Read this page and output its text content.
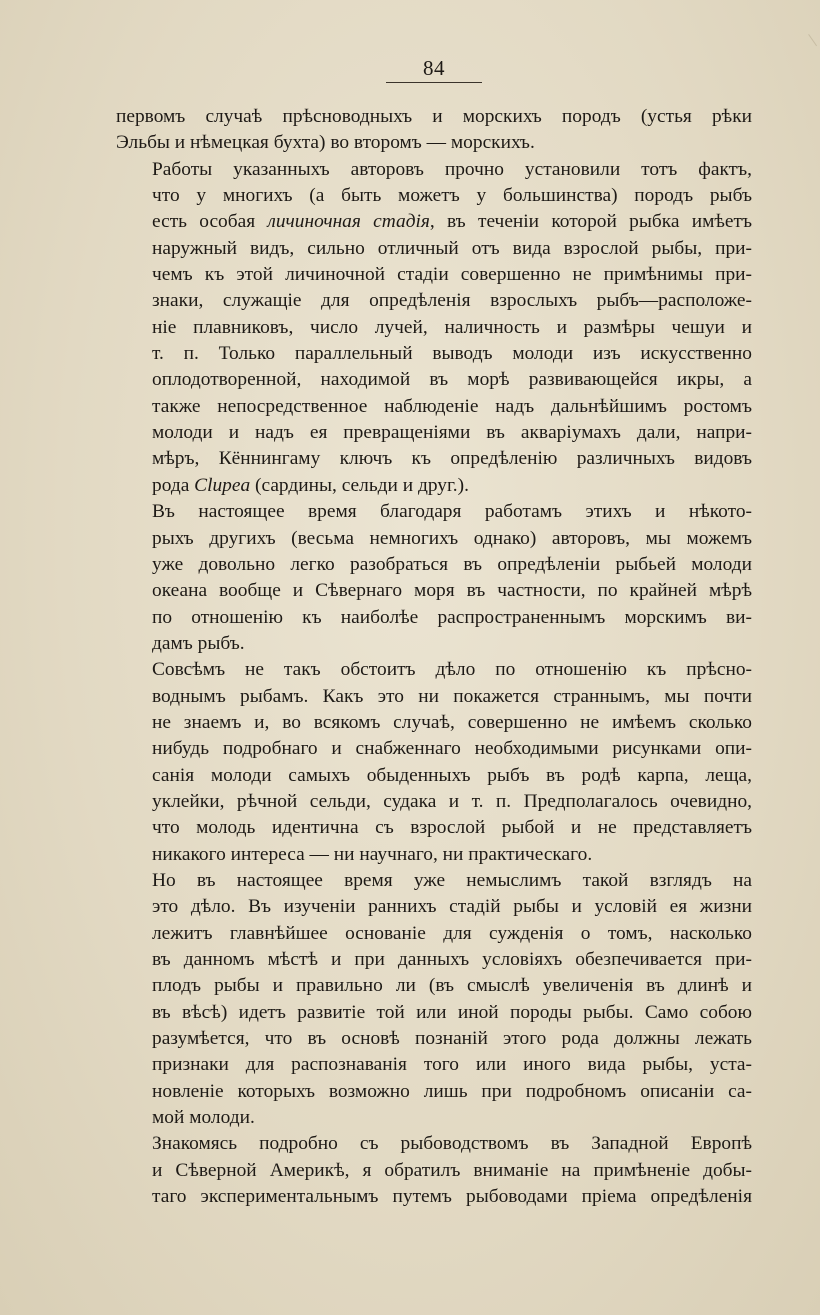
84
первомъ случаѣ прѣсноводныхъ и морскихъ породъ (устья рѣки
Эльбы и нѣмецкая бухта) во второмъ — морскихъ.
Работы указанныхъ авторовъ прочно установили тотъ фактъ,
что у многихъ (а быть можетъ у большинства) породъ рыбъ
есть особая личиночная стадія, въ теченіи которой рыбка имѣетъ
наружный видъ, сильно отличный отъ вида взрослой рыбы, при-
чемъ къ этой личиночной стадіи совершенно не примѣнимы при-
знаки, служащіе для опредѣленія взрослыхъ рыбъ—расположе-
ніе плавниковъ, число лучей, наличность и размѣры чешуи и
т. п. Только параллельный выводъ молоди изъ искусственно
оплодотворенной, находимой въ морѣ развивающейся икры, а
также непосредственное наблюденіе надъ дальнѣйшимъ ростомъ
молоди и надъ ея превращеніями въ аквaріумахъ дали, напри-
мѣръ, Кённингаму ключъ къ опредѣленію различныхъ видовъ
рода Clupea (сардины, сельди и друг.).
Въ настоящее время благодаря работамъ этихъ и нѣкото-
рыхъ другихъ (весьма немногихъ однако) авторовъ, мы можемъ
уже довольно легко разобраться въ опредѣленіи рыбьей молоди
океана вообще и Сѣвернаго моря въ частности, по крайней мѣрѣ
по отношенію къ наиболѣе распространеннымъ морскимъ ви-
дамъ рыбъ.
Совсѣмъ не такъ обстоитъ дѣло по отношенію къ прѣсно-
воднымъ рыбамъ. Какъ это ни покажется страннымъ, мы почти
не знаемъ и, во всякомъ случаѣ, совершенно не имѣемъ сколько
нибудь подробнаго и снабженнаго необходимыми рисунками опи-
санія молоди самыхъ обыденныхъ рыбъ въ родѣ карпа, леща,
уклейки, рѣчной сельди, судака и т. п. Предполагалось очевидно,
что молодь идентична съ взрослой рыбой и не представляетъ
никакого интереса — ни научнаго, ни практическаго.
Но въ настоящее время уже немыслимъ такой взглядъ на
это дѣло. Въ изученіи раннихъ стадій рыбы и условій ея жизни
лежитъ главнѣйшее основаніе для сужденія о томъ, насколько
въ данномъ мѣстѣ и при данныхъ условіяхъ обезпечивается при-
плодъ рыбы и правильно ли (въ смыслѣ увеличенія въ длинѣ и
въ вѣсѣ) идетъ развитіе той или иной породы рыбы. Само собою
разумѣется, что въ основѣ познаній этого рода должны лежать
признаки для распознаванія того или иного вида рыбы, уста-
новленіе которыхъ возможно лишь при подробномъ описаніи са-
мой молоди.
Знакомясь подробно съ рыбоводствомъ въ Западной Европѣ
и Сѣверной Америкѣ, я обратилъ вниманіе на примѣненіе добы-
таго экспериментальнымъ путемъ рыбоводами пріема опредѣленія
